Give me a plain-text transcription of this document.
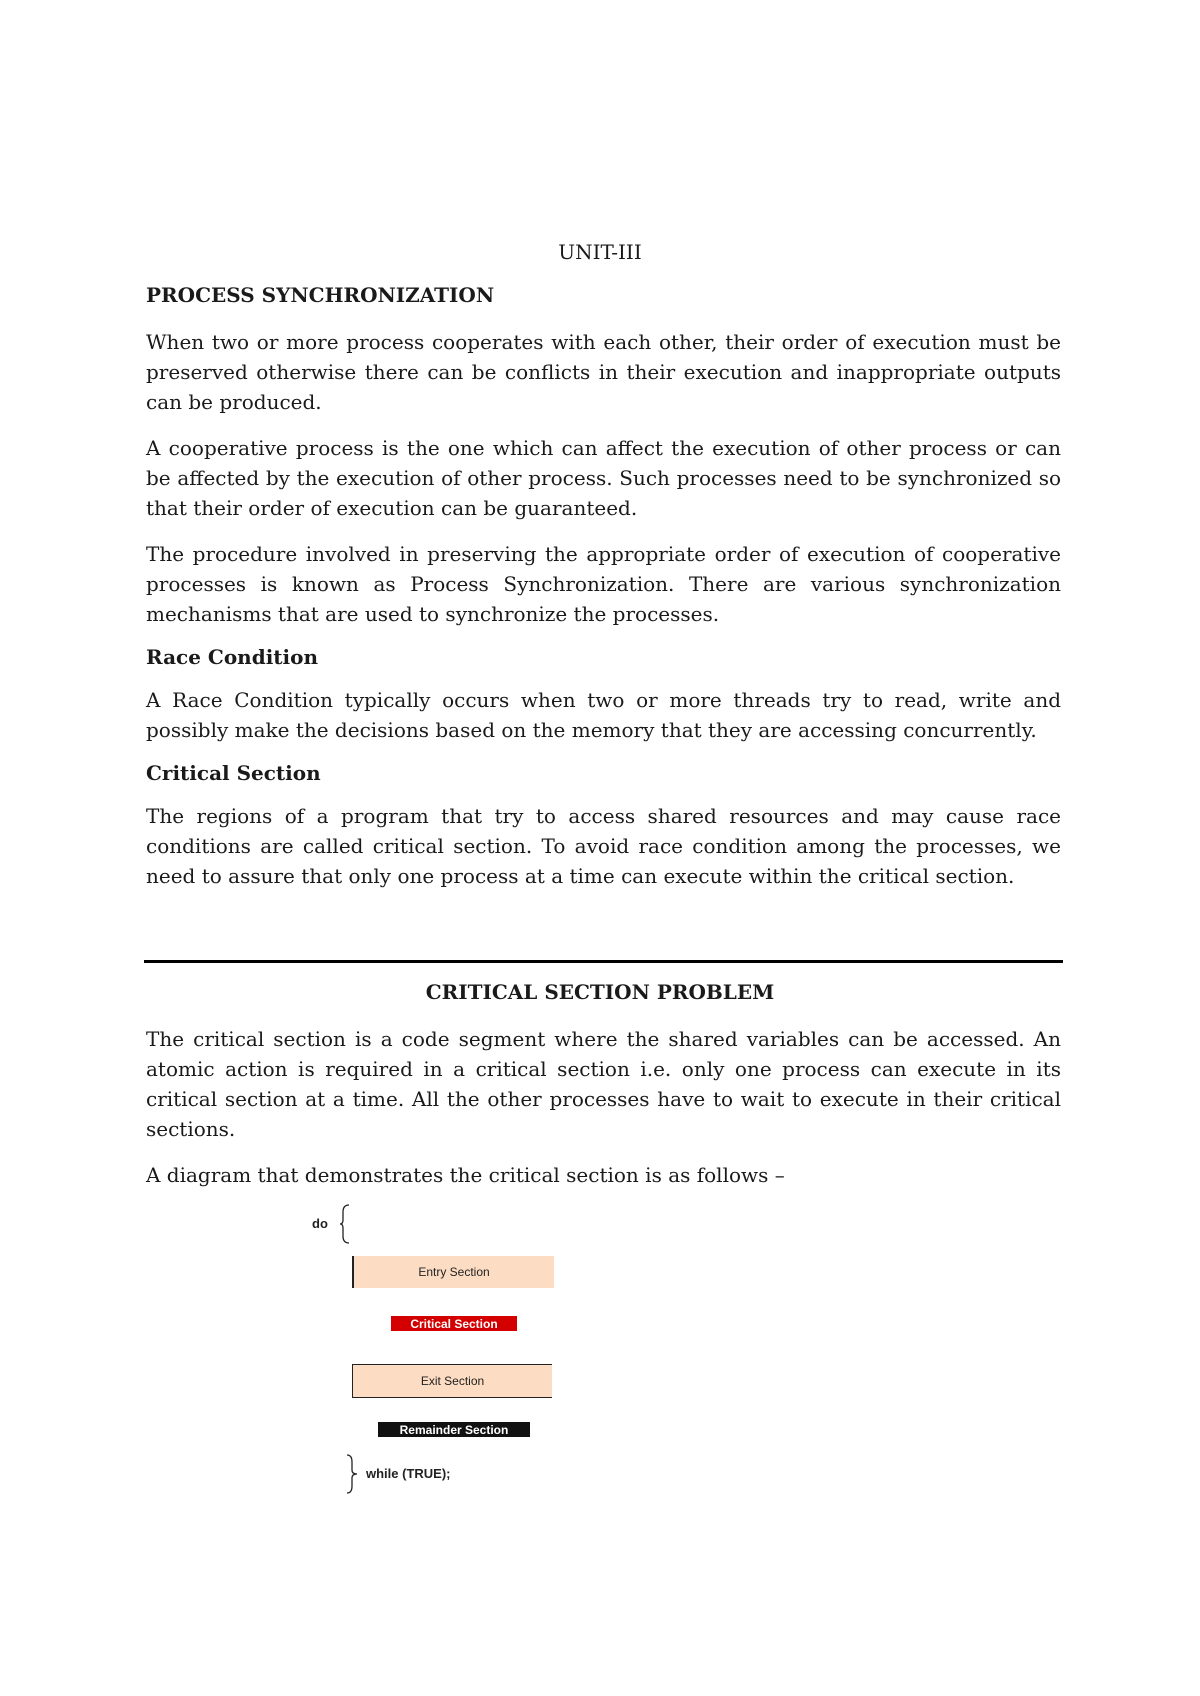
UNIT-III
PROCESS SYNCHRONIZATION

When two or more process cooperates with each other, their order of execution must be preserved otherwise there can be conflicts in their execution and inappropriate outputs can be produced.

A cooperative process is the one which can affect the execution of other process or can be affected by the execution of other process. Such processes need to be synchronized so that their order of execution can be guaranteed.

The procedure involved in preserving the appropriate order of execution of cooperative processes is known as Process Synchronization. There are various synchronization mechanisms that are used to synchronize the processes.

Race Condition

A Race Condition typically occurs when two or more threads try to read, write and possibly make the decisions based on the memory that they are accessing concurrently.

Critical Section

The regions of a program that try to access shared resources and may cause race conditions are called critical section. To avoid race condition among the processes, we need to assure that only one process at a time can execute within the critical section.

CRITICAL SECTION PROBLEM

The critical section is a code segment where the shared variables can be accessed. An atomic action is required in a critical section i.e. only one process can execute in its critical section at a time. All the other processes have to wait to execute in their critical sections.

A diagram that demonstrates the critical section is as follows –

do
Entry Section
Critical Section
Exit Section
Remainder Section
while (TRUE);
